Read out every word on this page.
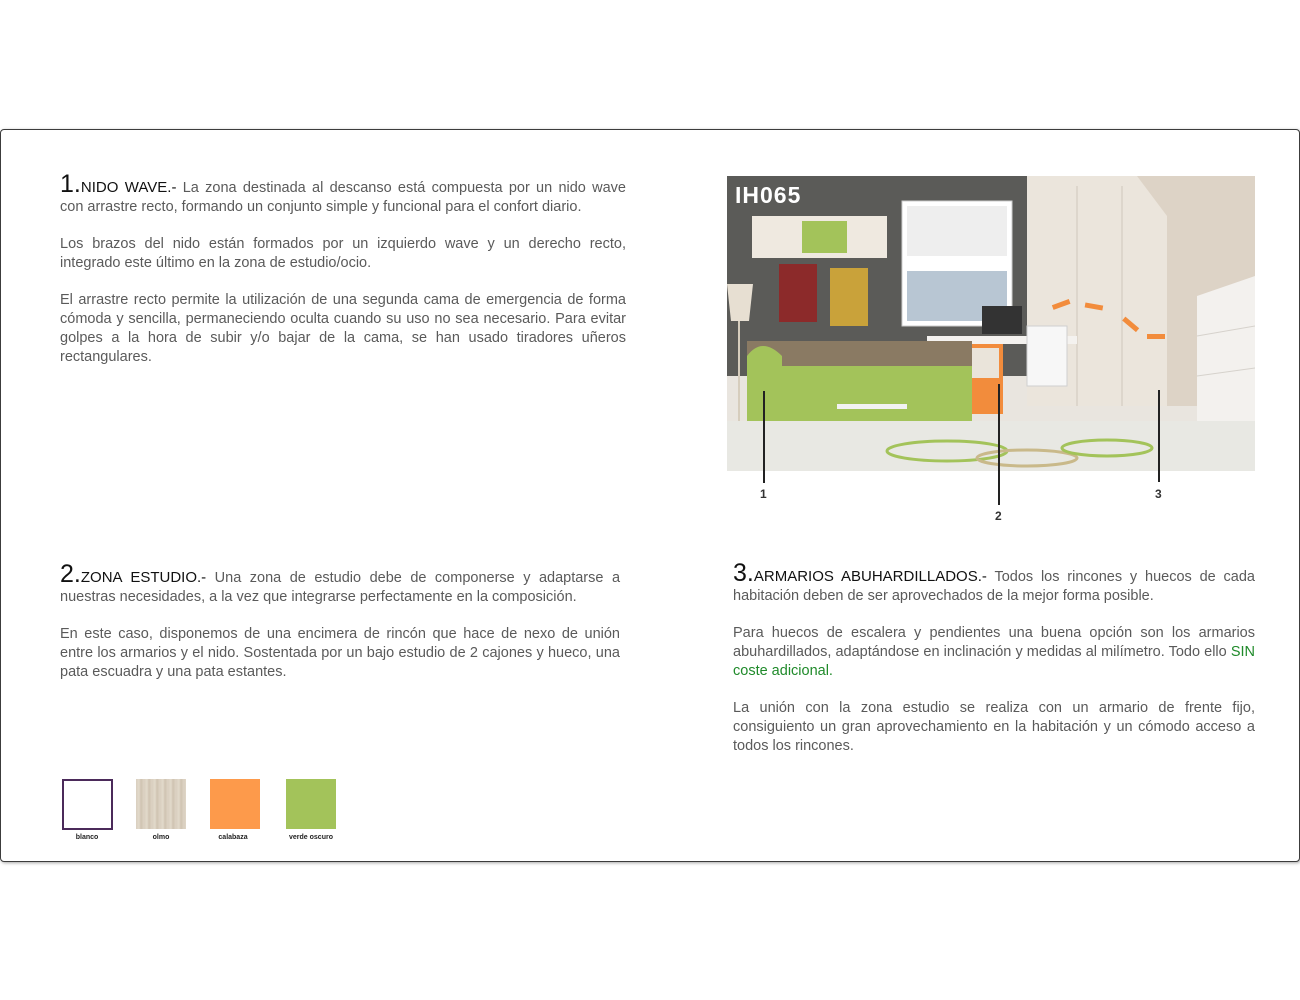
1.NIDO WAVE.- La zona destinada al descanso está compuesta por un nido wave con arrastre recto, formando un conjunto simple y funcional para el confort diario.

Los brazos del nido están formados por un izquierdo wave y un derecho recto, integrado este último en la zona de estudio/ocio.

El arrastre recto permite la utilización de una segunda cama de emergencia de forma cómoda y sencilla, permaneciendo oculta cuando su uso no sea necesario. Para evitar golpes a la hora de subir y/o bajar de la cama, se han usado tiradores uñeros rectangulares.

2.ZONA ESTUDIO.- Una zona de estudio debe de componerse y adaptarse a nuestras necesidades, a la vez que integrarse perfectamente en la composición.

En este caso, disponemos de una encimera de rincón que hace de nexo de unión entre los armarios y el nido. Sostentada por un bajo estudio de 2 cajones y hueco, una pata escuadra y una pata estantes.

3.ARMARIOS ABUHARDILLADOS.- Todos los rincones y huecos de cada habitación deben de ser aprovechados de la mejor forma posible.

Para huecos de escalera y pendientes una buena opción son los armarios abuhardillados, adaptándose en inclinación y medidas al milímetro. Todo ello SIN coste adicional.

La unión con la zona estudio se realiza con un armario de frente fijo, consiguiento un gran aprovechamiento en la habitación y un cómodo acceso a todos los rincones.

IH065
1
2
3
blanco	olmo	calabaza	verde oscuro
